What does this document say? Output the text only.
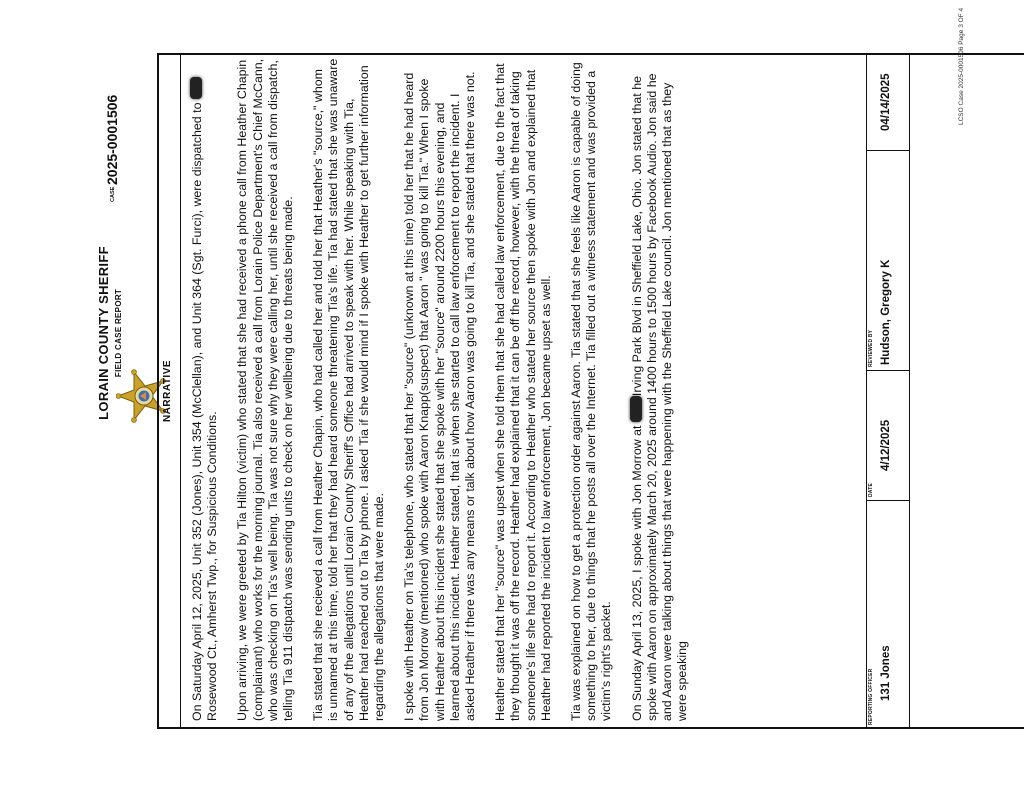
LORAIN COUNTY SHERIFF FIELD CASE REPORT
CASE
2025-0001506
NARRATIVE On Saturday April 12, 2025, Unit 352 (Jones), Unit 354 (McClellan), and Unit 364 (Sgt. Furci), were dispatched to Rosewood Ct., Amherst Twp., for Suspicious Conditions. Upon arriving, we were greeted by Tia Hilton (victim) who stated that she had received a phone call from Heather Chapin (complainant) who works for the morning journal. Tia also received a call from Lorain Police Department's Chief McCann, who was checking on Tia's well being. Tia was not sure why they were calling her, until she received a call from dispatch, telling Tia 911 distpatch was sending units to check on her wellbeing due to threats being made. Tia stated that she recieved a call from Heather Chapin, who had called her and told her that Heather's "source," whom is unnamed at this time, told her that they had heard someone threatening Tia's life. Tia had stated that she was unaware of any of the allegations until Lorain County Sheriff's Office had arrived to speak with her. While speaking with Tia, Heather had reached out to Tia by phone. I asked Tia if she would mind if I spoke with Heather to get further information regarding the allegations that were made. I spoke with Heather on Tia's telephone, who stated that her "source" (unknown at this time) told her that he had heard from Jon Morrow (mentioned) who spoke with Aaron Knapp(suspect) that Aaron " was going to kill Tia." When I spoke with Heather about this incident she stated that she spoke with her "source" around 2200 hours this evening, and learned about this incident. Heather stated, that is when she started to call law enforcement to report the incident. I asked Heather if there was any means or talk about how Aaron was going to kill Tia, and she stated that there was not. Heather stated that her "source" was upset when she told them that she had called law enforcement, due to the fact that they thought it was off the record. Heather had explained that it can be off the record, however, with the threat of taking someone's life she had to report it. According to Heather who stated her source then spoke with Jon and explained that Heather had reported the incident to law enforcement, Jon became upset as well. Tia was explained on how to get a protection order against Aaron. Tia stated that she feels like Aaron is capable of doing something to her, due to things that he posts all over the Internet. Tia filled out a witness statement and was provided a victim's right's packet. On Sunday April 13, 2025, I spoke with Jon Morrow at Irving Park Blvd in Sheffield Lake, Ohio. Jon stated that he spoke with Aaron on approximately March 20, 2025 around 1400 hours to 1500 hours by Facebook Audio. Jon said he and Aaron were talking about things that were happening with the Sheffield Lake council. Jon mentioned that as they were speaking	REPORTING OFFICER 131 Jones
DATE
4/12/2025
REVIEWED BY Hudson, Gregory K
04/14/2025	LCSO Case 2025-0001506 Page 3 OF 4
